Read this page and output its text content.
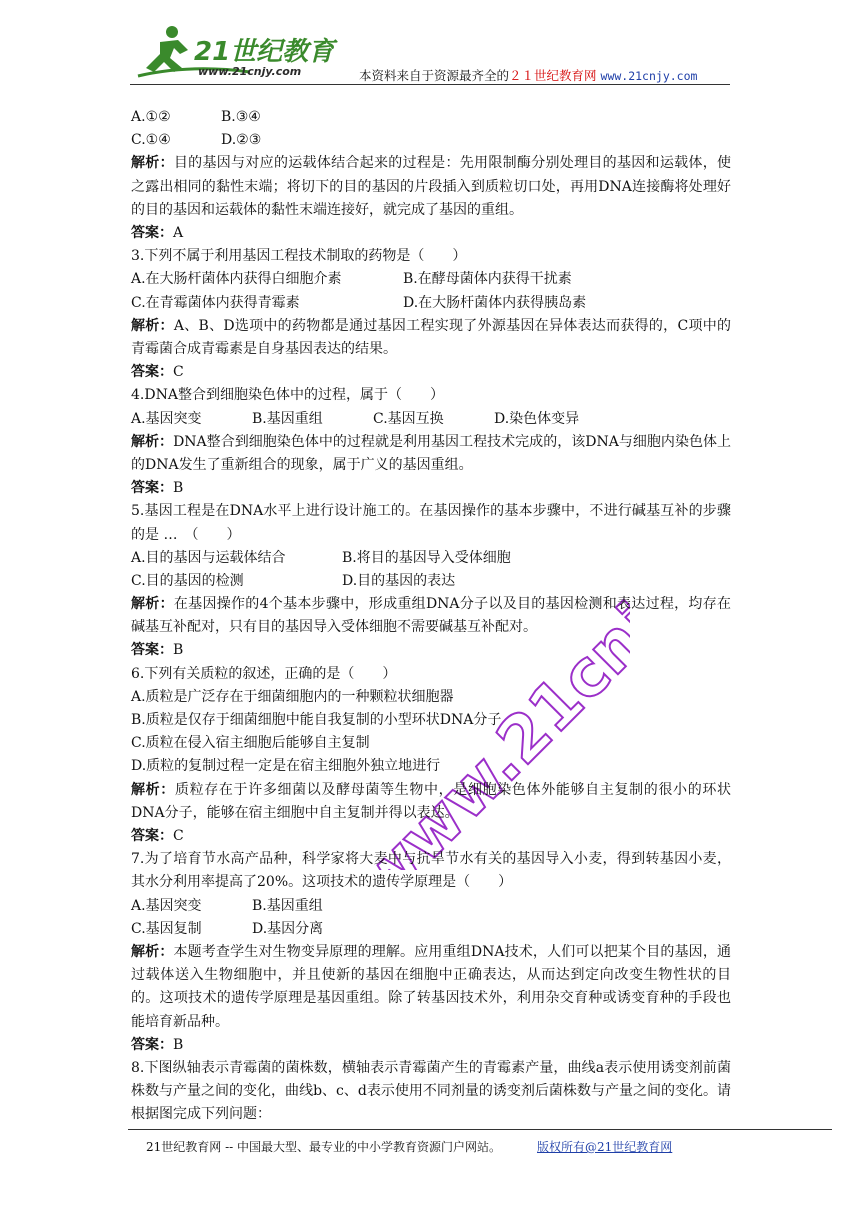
21世纪教育
www.21cnjy.com	本资料来自于资源最齐全的２１世纪教育网 www.21cnjy.com
www.21cnjy.com
A.①②	B.③④
C.①④	D.②③
解析：目的基因与对应的运载体结合起来的过程是：先用限制酶分别处理目的基因和运载体，使之露出相同的黏性末端；将切下的目的基因的片段插入到质粒切口处，再用DNA连接酶将处理好的目的基因和运载体的黏性末端连接好，就完成了基因的重组。
答案：A
3.下列不属于利用基因工程技术制取的药物是（　　）
A.在大肠杆菌体内获得白细胞介素	B.在酵母菌体内获得干扰素
C.在青霉菌体内获得青霉素	D.在大肠杆菌体内获得胰岛素
解析：A、B、D选项中的药物都是通过基因工程实现了外源基因在异体表达而获得的，C项中的青霉菌合成青霉素是自身基因表达的结果。
答案：C
4.DNA整合到细胞染色体中的过程，属于（　　）
A.基因突变	B.基因重组	C.基因互换	D.染色体变异
解析：DNA整合到细胞染色体中的过程就是利用基因工程技术完成的，该DNA与细胞内染色体上的DNA发生了重新组合的现象，属于广义的基因重组。
答案：B
5.基因工程是在DNA水平上进行设计施工的。在基因操作的基本步骤中，不进行碱基互补的步骤的是 …　（　　）
A.目的基因与运载体结合	B.将目的基因导入受体细胞
C.目的基因的检测	D.目的基因的表达
解析：在基因操作的4个基本步骤中，形成重组DNA分子以及目的基因检测和表达过程，均存在碱基互补配对，只有目的基因导入受体细胞不需要碱基互补配对。
答案：B
6.下列有关质粒的叙述，正确的是（　　）
A.质粒是广泛存在于细菌细胞内的一种颗粒状细胞器
B.质粒是仅存于细菌细胞中能自我复制的小型环状DNA分子
C.质粒在侵入宿主细胞后能够自主复制
D.质粒的复制过程一定是在宿主细胞外独立地进行
解析：质粒存在于许多细菌以及酵母菌等生物中，是细胞染色体外能够自主复制的很小的环状DNA分子，能够在宿主细胞中自主复制并得以表达。
答案：C
7.为了培育节水高产品种，科学家将大麦中与抗旱节水有关的基因导入小麦，得到转基因小麦，其水分利用率提高了20%。这项技术的遗传学原理是（　　）
A.基因突变	B.基因重组
C.基因复制	D.基因分离
解析：本题考查学生对生物变异原理的理解。应用重组DNA技术，人们可以把某个目的基因，通过载体送入生物细胞中，并且使新的基因在细胞中正确表达，从而达到定向改变生物性状的目的。这项技术的遗传学原理是基因重组。除了转基因技术外，利用杂交育种或诱变育种的手段也能培育新品种。
答案：B
8.下图纵轴表示青霉菌的菌株数，横轴表示青霉菌产生的青霉素产量，曲线a表示使用诱变剂前菌株数与产量之间的变化，曲线b、c、d表示使用不同剂量的诱变剂后菌株数与产量之间的变化。请根据图完成下列问题：
21世纪教育网 -- 中国最大型、最专业的中小学教育资源门户网站。	版权所有@21世纪教育网
